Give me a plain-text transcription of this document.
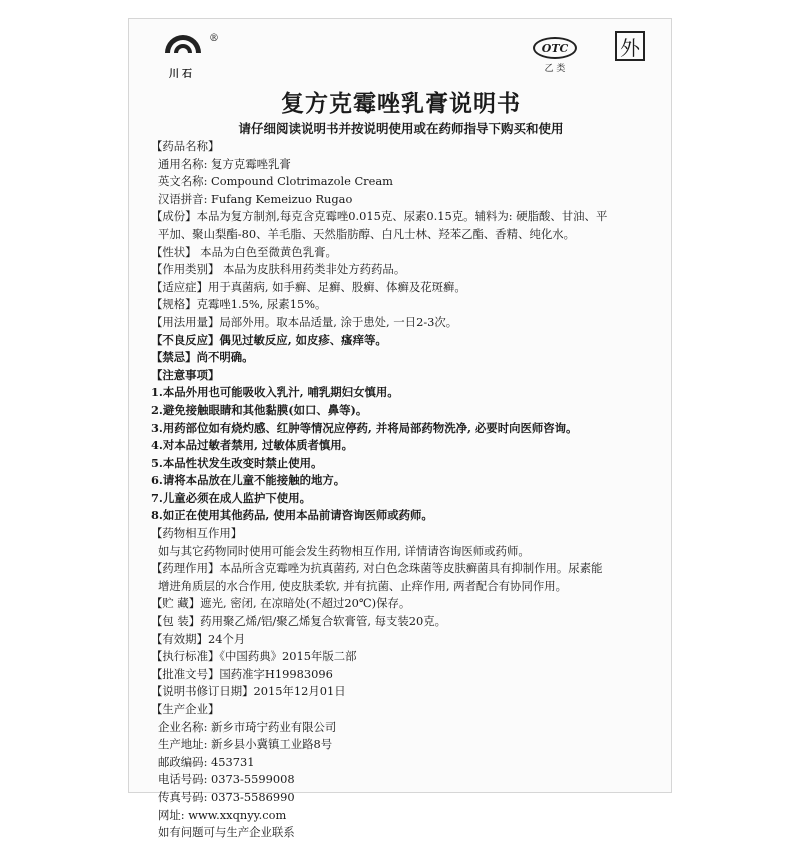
®
川石
OTC
乙 类
外
复方克霉唑乳膏说明书
请仔细阅读说明书并按说明使用或在药师指导下购买和使用
【药品名称】
通用名称: 复方克霉唑乳膏
英文名称: Compound Clotrimazole Cream
汉语拼音: Fufang Kemeizuo Rugao
【成份】本品为复方制剂,每克含克霉唑0.015克、尿素0.15克。辅料为: 硬脂酸、甘油、平
平加、聚山梨酯-80、羊毛脂、天然脂肪醇、白凡士林、羟苯乙酯、香精、纯化水。
【性状】 本品为白色至微黄色乳膏。
【作用类别】 本品为皮肤科用药类非处方药药品。
【适应症】用于真菌病, 如手癣、足癣、股癣、体癣及花斑癣。
【规格】克霉唑1.5%, 尿素15%。
【用法用量】局部外用。取本品适量, 涂于患处, 一日2-3次。
【不良反应】偶见过敏反应, 如皮疹、瘙痒等。
【禁忌】尚不明确。
【注意事项】
1.本品外用也可能吸收入乳汁, 哺乳期妇女慎用。
2.避免接触眼睛和其他黏膜(如口、鼻等)。
3.用药部位如有烧灼感、红肿等情况应停药, 并将局部药物洗净, 必要时向医师咨询。
4.对本品过敏者禁用, 过敏体质者慎用。
5.本品性状发生改变时禁止使用。
6.请将本品放在儿童不能接触的地方。
7.儿童必须在成人监护下使用。
8.如正在使用其他药品, 使用本品前请咨询医师或药师。
【药物相互作用】
如与其它药物同时使用可能会发生药物相互作用, 详情请咨询医师或药师。
【药理作用】本品所含克霉唑为抗真菌药, 对白色念珠菌等皮肤癣菌具有抑制作用。尿素能
增进角质层的水合作用, 使皮肤柔软, 并有抗菌、止痒作用, 两者配合有协同作用。
【贮 藏】遮光, 密闭, 在凉暗处(不超过20℃)保存。
【包 装】药用聚乙烯/铝/聚乙烯复合软膏管, 每支装20克。
【有效期】24个月
【执行标准】《中国药典》2015年版二部
【批准文号】国药准字H19983096
【说明书修订日期】2015年12月01日
【生产企业】
企业名称: 新乡市琦宁药业有限公司
生产地址: 新乡县小冀镇工业路8号
邮政编码: 453731
电话号码: 0373-5599008
传真号码: 0373-5586990
网址: www.xxqnyy.com
如有问题可与生产企业联系
